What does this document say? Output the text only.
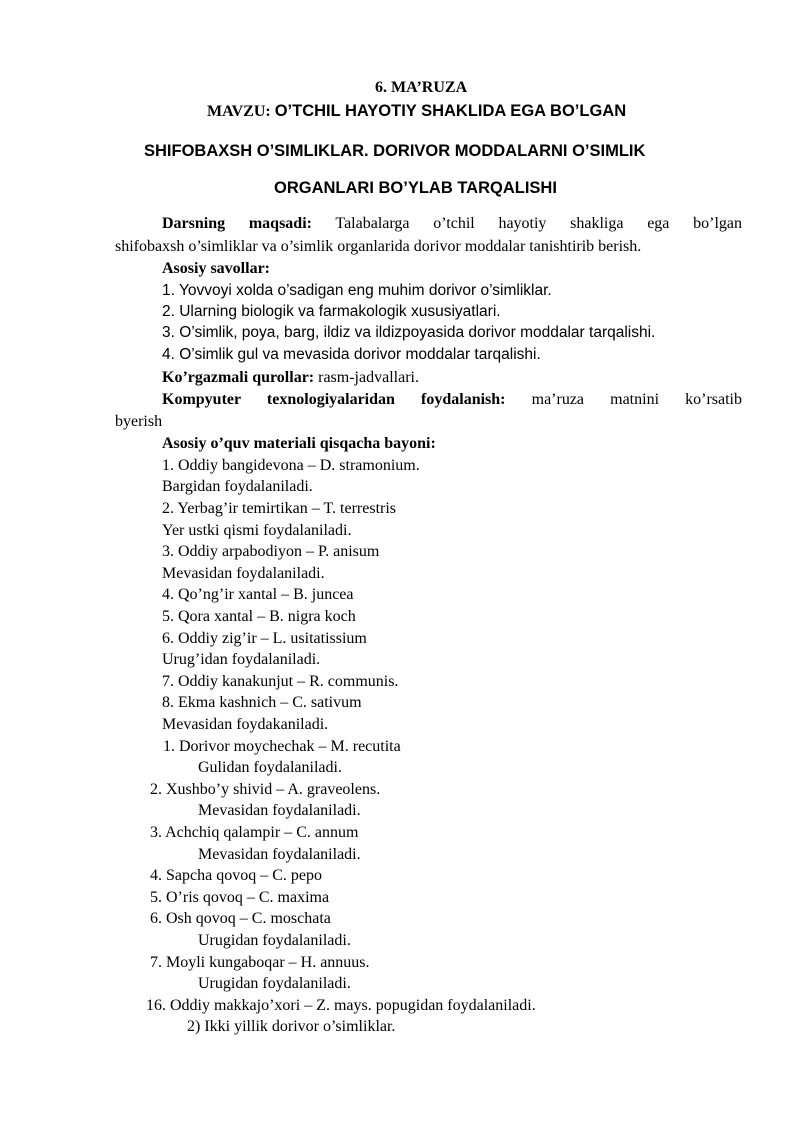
6. MA’RUZA
MAVZU: O’TCHIL HAYOTIY SHAKLIDA EGA BO’LGAN
SHIFOBAXSH O’SIMLIKLAR. DORIVOR MODDALARNI O’SIMLIK
ORGANLARI BO’YLAB TARQALISHI
Darsning maqsadi: Talabalarga o’tchil hayotiy shakliga ega bo’lgan
shifobaxsh o’simliklar va o’simlik organlarida dorivor moddalar tanishtirib berish.
Asosiy savollar:
1. Yovvoyi xolda o’sadigan eng muhim dorivor o’simliklar.
2. Ularning biologik va farmakologik xususiyatlari.
3. O’simlik, poya, barg, ildiz va ildizpoyasida dorivor moddalar tarqalishi.
4. O’simlik gul va mevasida dorivor moddalar tarqalishi.
Ko’rgazmali qurollar: rasm-jadvallari.
Kompyuter texnologiyalaridan foydalanish: ma’ruza matnini ko’rsatib
byerish
Asosiy o’quv materiali qisqacha bayoni:
1. Oddiy bangidevona – D. stramonium.
Bargidan foydalaniladi.
2. Yerbag’ir temirtikan – T. terrestris
Yer ustki qismi foydalaniladi.
3. Oddiy arpabodiyon – P. anisum
Mevasidan foydalaniladi.
4. Qo’ng’ir xantal – B. juncea
5. Qora xantal – B. nigra koch
6. Oddiy zig’ir – L. usitatissium
Urug’idan foydalaniladi.
7. Oddiy kanakunjut – R. communis.
8. Ekma kashnich – C. sativum
Mevasidan foydakaniladi.
1. Dorivor moychechak – M. recutita
Gulidan foydalaniladi.
2. Xushbo’y shivid – A. graveolens.
Mevasidan foydalaniladi.
3. Achchiq qalampir – C. annum
Mevasidan foydalaniladi.
4. Sapcha qovoq – C. pepo
5. O’ris qovoq – C. maxima
6. Osh qovoq – C. moschata
Urugidan foydalaniladi.
7. Moyli kungaboqar – H. annuus.
Urugidan foydalaniladi.
16. Oddiy makkajo’xori – Z. mays. popugidan foydalaniladi.
2) Ikki yillik dorivor o’simliklar.
